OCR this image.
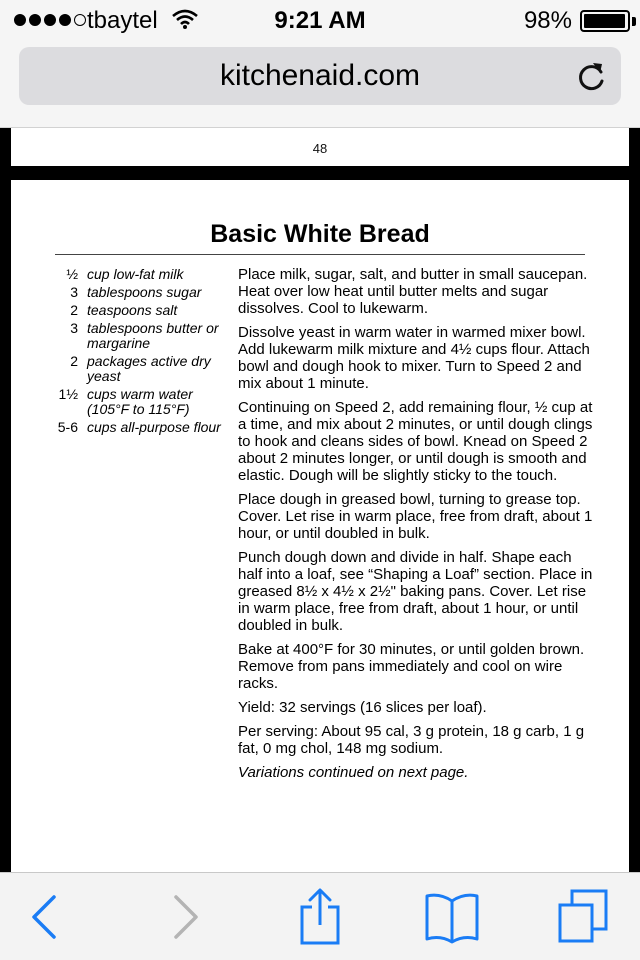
tbaytel	9:21 AM	98%
kitchenaid.com
48
Basic White Bread
½ cup low-fat milk
3 tablespoons sugar
2 teaspoons salt
3 tablespoons butter or margarine
2 packages active dry yeast
1½ cups warm water (105°F to 115°F)
5-6 cups all-purpose flour

Place milk, sugar, salt, and butter in small saucepan. Heat over low heat until butter melts and sugar dissolves. Cool to lukewarm.

Dissolve yeast in warm water in warmed mixer bowl. Add lukewarm milk mixture and 4½ cups flour. Attach bowl and dough hook to mixer. Turn to Speed 2 and mix about 1 minute.

Continuing on Speed 2, add remaining flour, ½ cup at a time, and mix about 2 minutes, or until dough clings to hook and cleans sides of bowl. Knead on Speed 2 about 2 minutes longer, or until dough is smooth and elastic. Dough will be slightly sticky to the touch.

Place dough in greased bowl, turning to grease top. Cover. Let rise in warm place, free from draft, about 1 hour, or until doubled in bulk.

Punch dough down and divide in half. Shape each half into a loaf, see “Shaping a Loaf” section. Place in greased 8½ x 4½ x 2½" baking pans. Cover. Let rise in warm place, free from draft, about 1 hour, or until doubled in bulk.

Bake at 400°F for 30 minutes, or until golden brown. Remove from pans immediately and cool on wire racks.

Yield: 32 servings (16 slices per loaf).

Per serving: About 95 cal, 3 g protein, 18 g carb, 1 g fat, 0 mg chol, 148 mg sodium.

Variations continued on next page.
